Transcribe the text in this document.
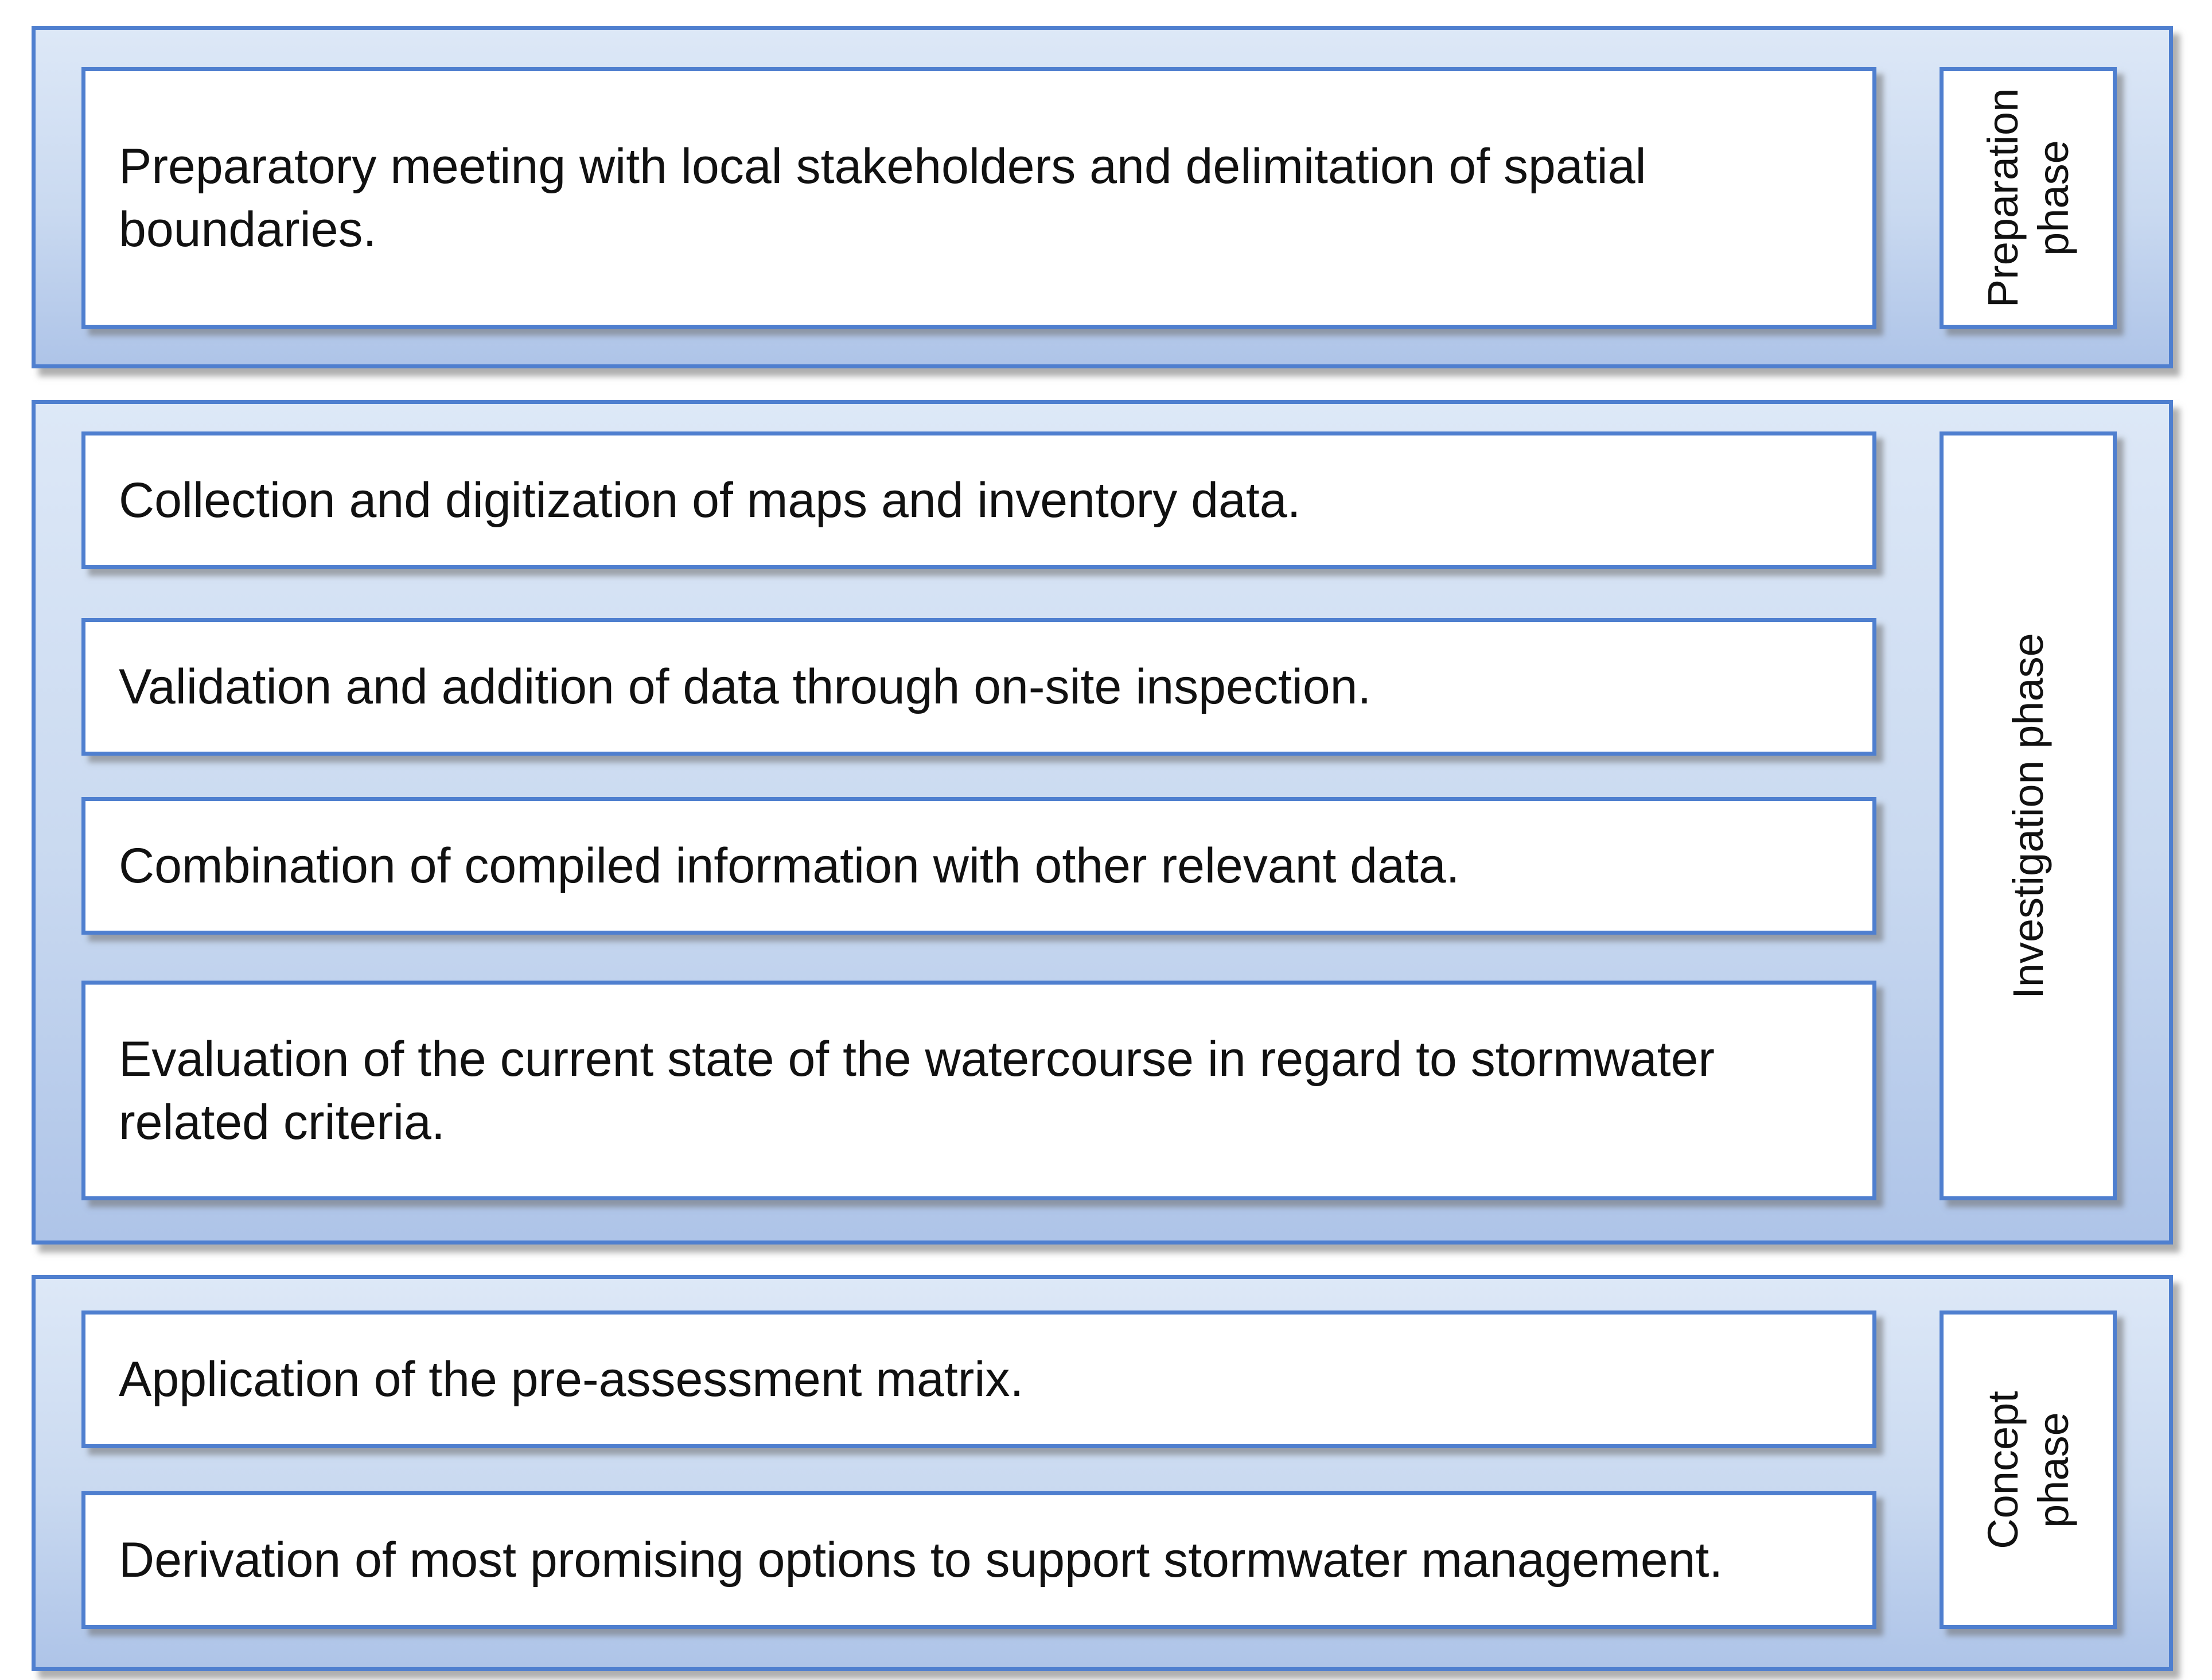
Preparatory meeting with local stakeholders and delimitation of spatial boundaries.	Preparation
phase
Collection and digitization of maps and inventory data.
Validation and addition of data through on-site inspection.
Combination of compiled information with other relevant data.
Evaluation of the current state of the watercourse in regard to stormwater related criteria.
Investigation phase
Application of the pre-assessment matrix.
Derivation of most promising options to support stormwater management.
Concept
phase
